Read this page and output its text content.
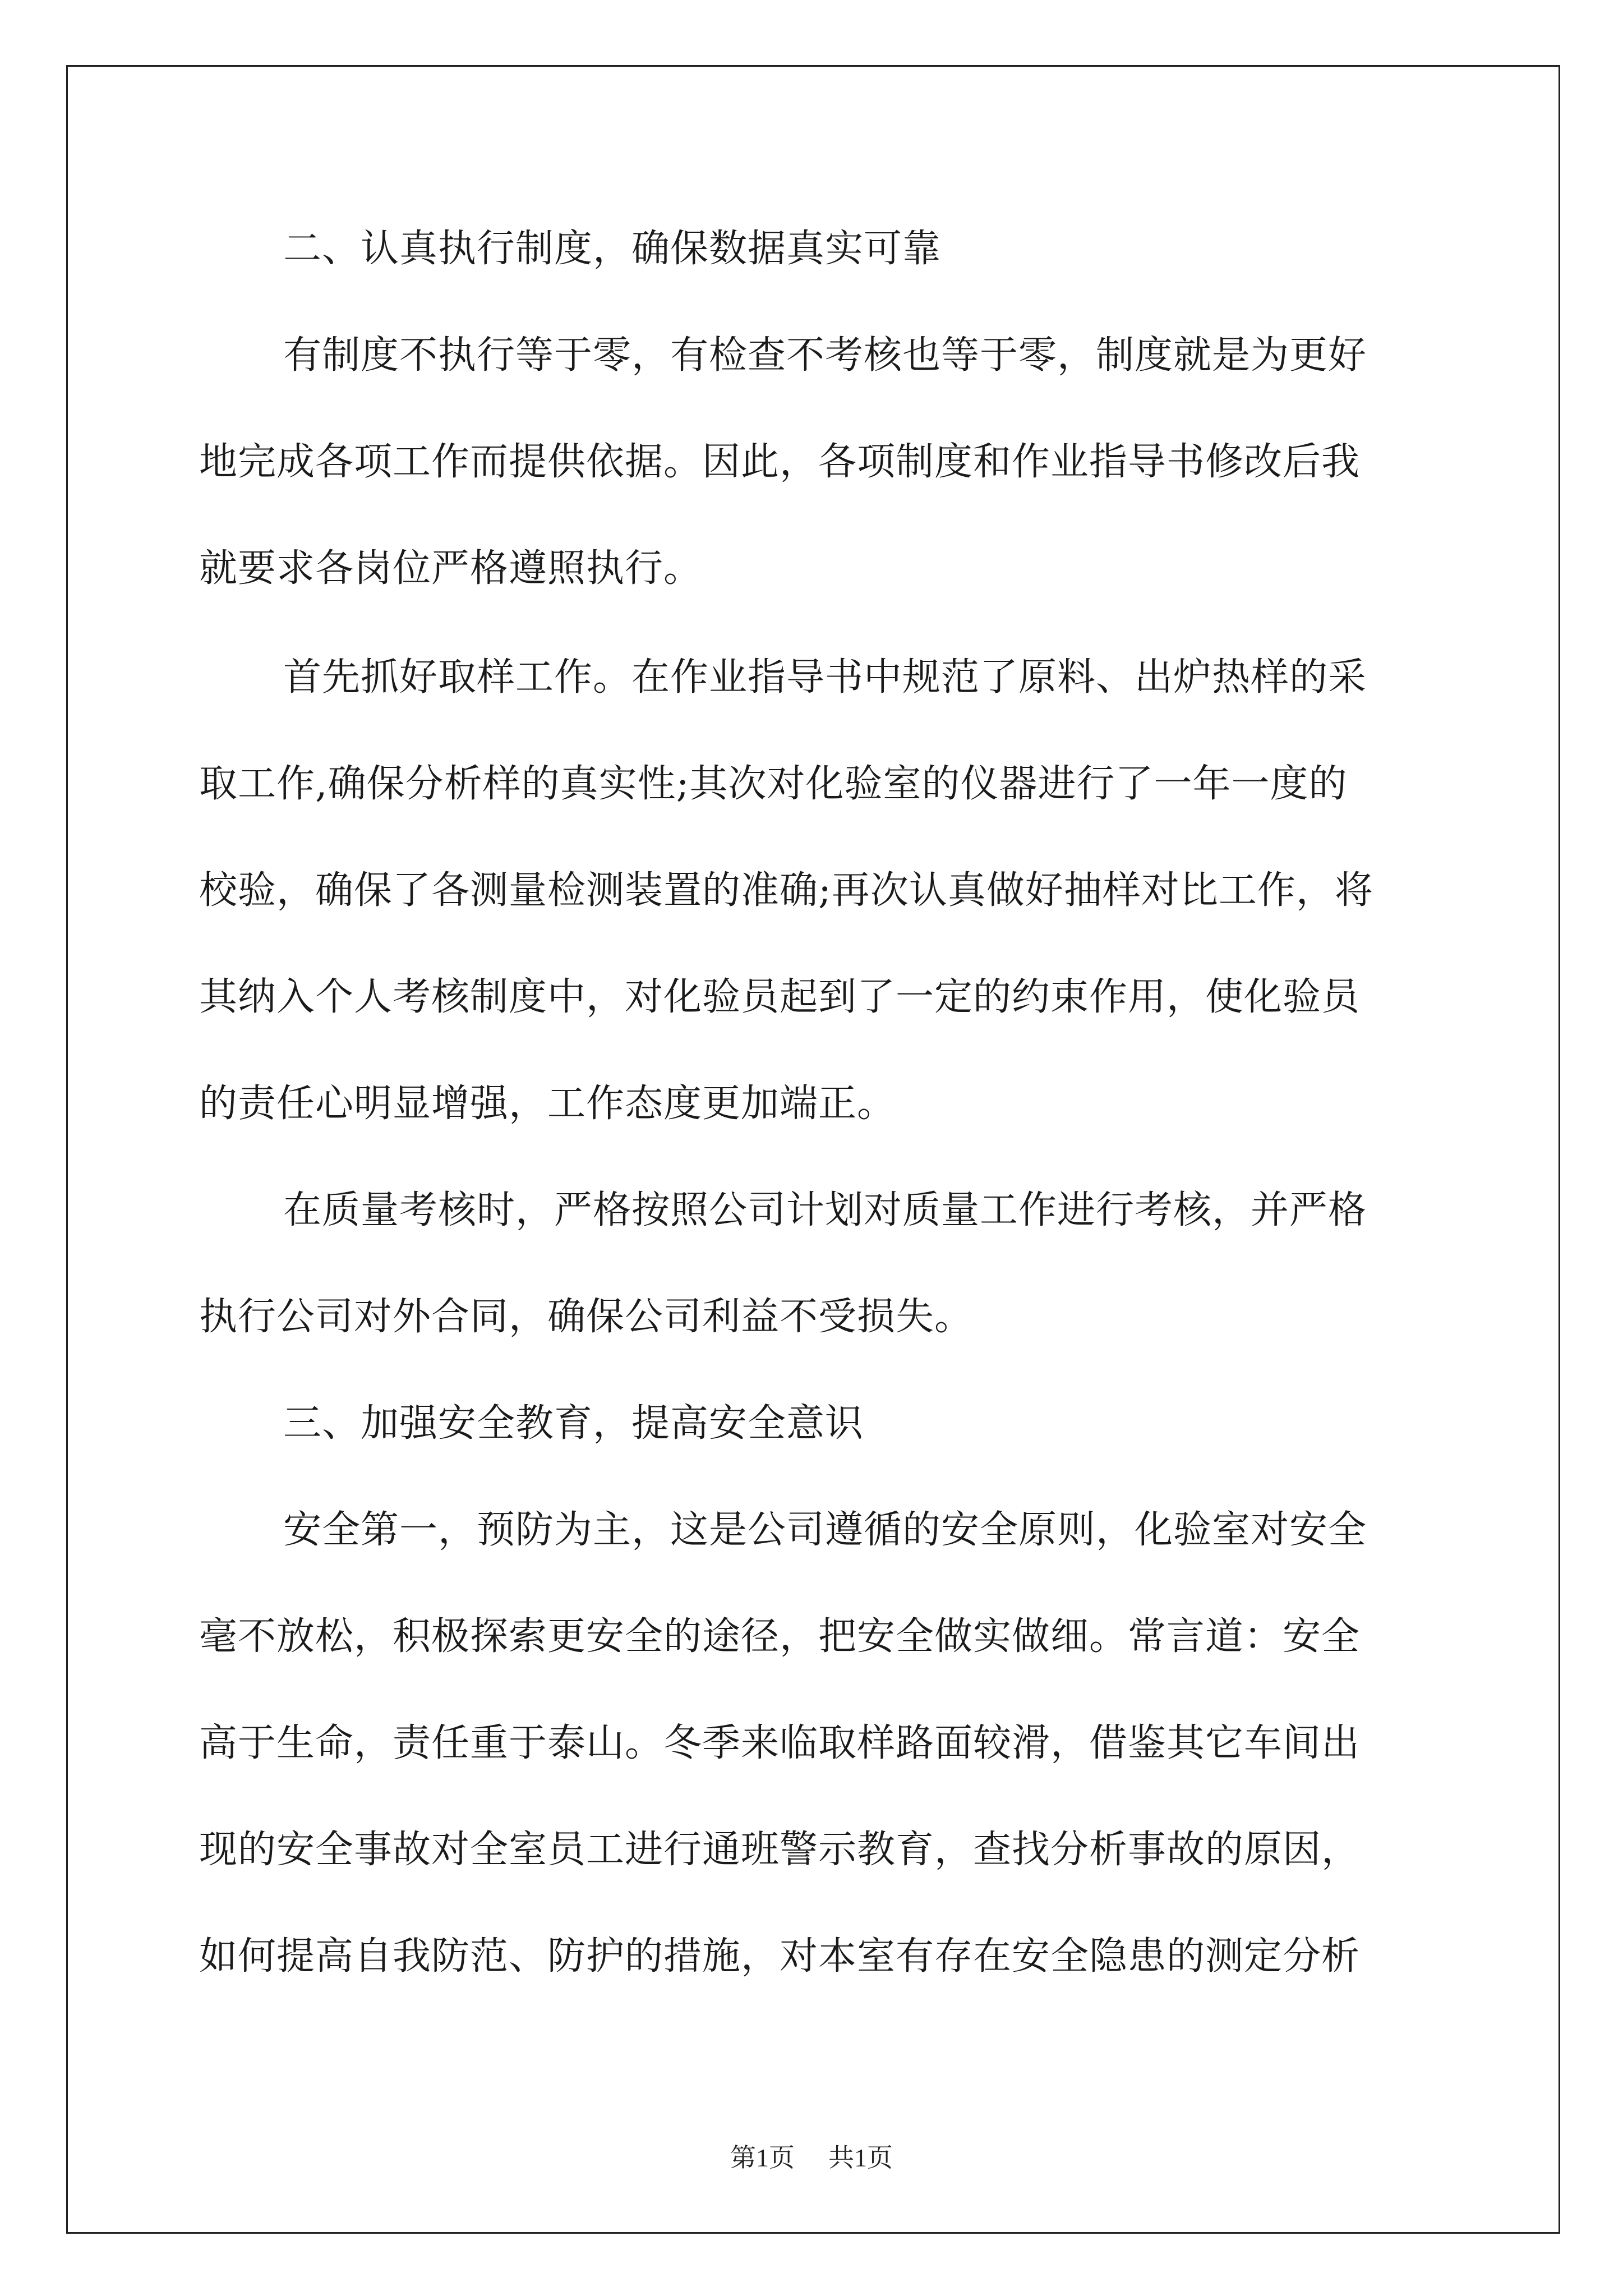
二、认真执行制度，确保数据真实可靠
有制度不执行等于零，有检查不考核也等于零，制度就是为更好
地完成各项工作而提供依据。因此，各项制度和作业指导书修改后我
就要求各岗位严格遵照执行。
首先抓好取样工作。在作业指导书中规范了原料、出炉热样的采
取工作,确保分析样的真实性;其次对化验室的仪器进行了一年一度的
校验，确保了各测量检测装置的准确;再次认真做好抽样对比工作，将
其纳入个人考核制度中，对化验员起到了一定的约束作用，使化验员
的责任心明显增强，工作态度更加端正。
在质量考核时，严格按照公司计划对质量工作进行考核，并严格
执行公司对外合同，确保公司利益不受损失。
三、加强安全教育，提高安全意识
安全第一，预防为主，这是公司遵循的安全原则，化验室对安全
毫不放松，积极探索更安全的途径，把安全做实做细。常言道：安全
高于生命，责任重于泰山。冬季来临取样路面较滑，借鉴其它车间出
现的安全事故对全室员工进行通班警示教育，查找分析事故的原因，
如何提高自我防范、防护的措施，对本室有存在安全隐患的测定分析
第1页 共1页
